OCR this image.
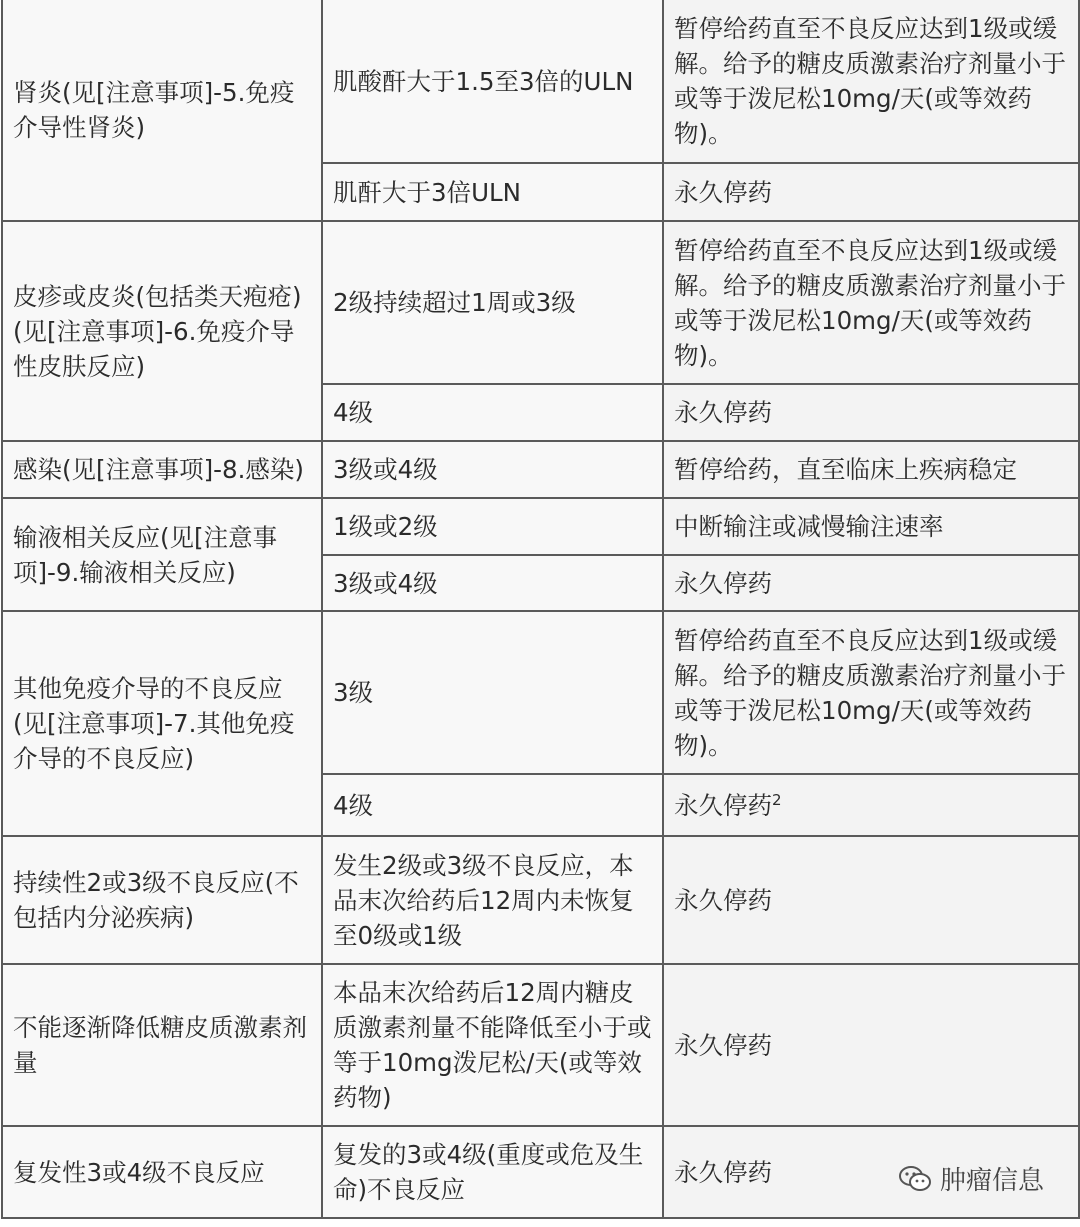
肾炎(见[注意事项]-5.免疫介导性肾炎)	肌酸酐大于1.5至3倍的ULN	暂停给药直至不良反应达到1级或缓解。给予的糖皮质激素治疗剂量小于或等于泼尼松10mg/天(或等效药物)。
	肌酐大于3倍ULN	永久停药
皮疹或皮炎(包括类天疱疮)(见[注意事项]-6.免疫介导性皮肤反应)	2级持续超过1周或3级	暂停给药直至不良反应达到1级或缓解。给予的糖皮质激素治疗剂量小于或等于泼尼松10mg/天(或等效药物)。
	4级	永久停药
感染(见[注意事项]-8.感染)	3级或4级	暂停给药，直至临床上疾病稳定
输液相关反应(见[注意事项]-9.输液相关反应)	1级或2级	中断输注或减慢输注速率
	3级或4级	永久停药
其他免疫介导的不良反应(见[注意事项]-7.其他免疫介导的不良反应)	3级	暂停给药直至不良反应达到1级或缓解。给予的糖皮质激素治疗剂量小于或等于泼尼松10mg/天(或等效药物)。
	4级	永久停药$^2$
持续性2或3级不良反应(不包括内分泌疾病)	发生2级或3级不良反应，本品末次给药后12周内未恢复至0级或1级	永久停药
不能逐渐降低糖皮质激素剂量	本品末次给药后12周内糖皮质激素剂量不能降低至小于或等于10mg泼尼松/天(或等效药物)	永久停药
复发性3或4级不良反应	复发的3或4级(重度或危及生命)不良反应	永久停药	肿瘤信息
